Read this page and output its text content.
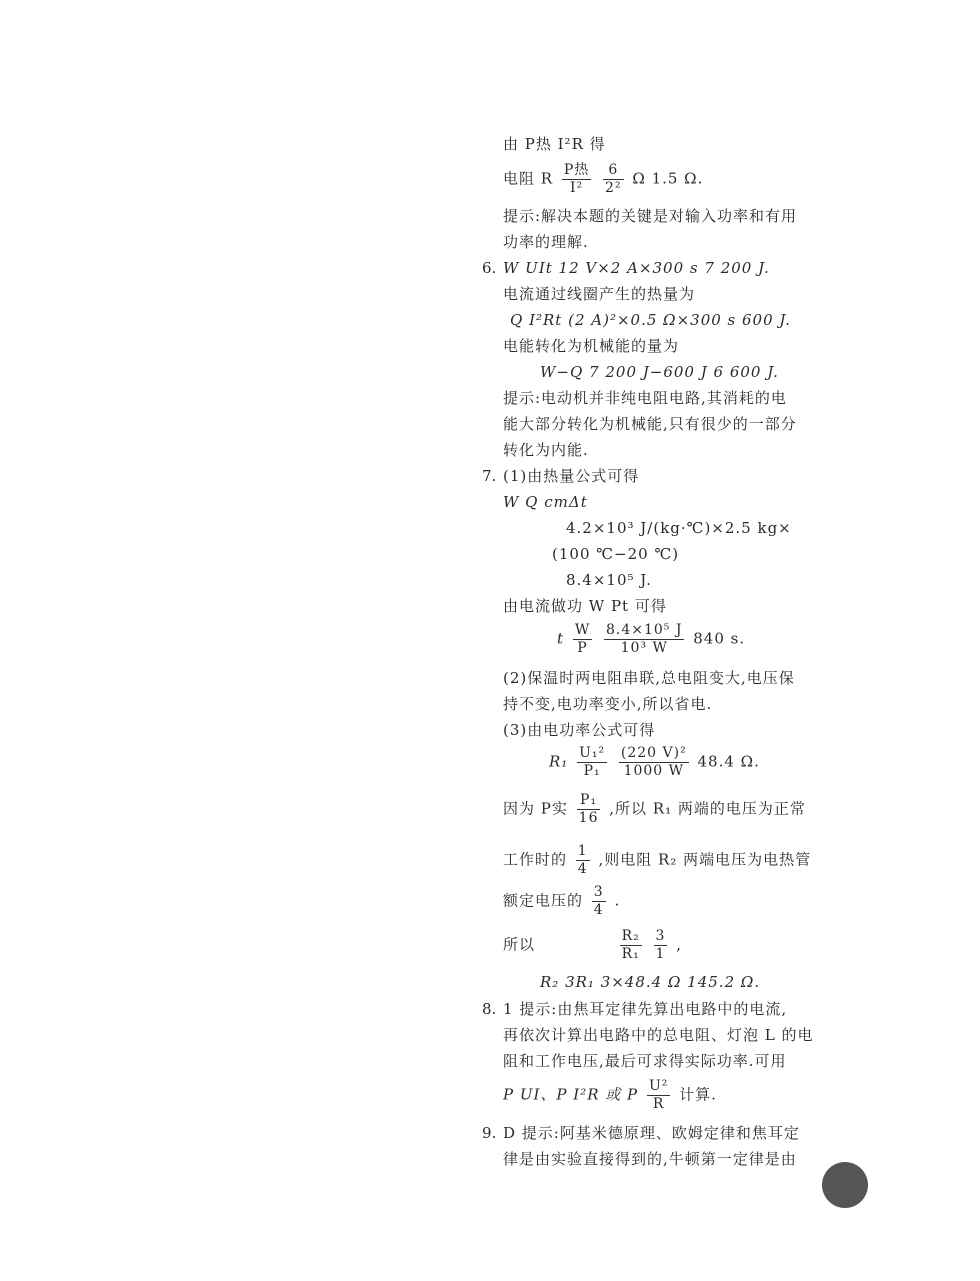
由 P热 I²R 得
电阻 R $\frac{\text{P热}}{\text{I²}}$
$\frac{6}{\text{2²}}$ Ω 1.5 Ω.
提示:解决本题的关键是对输入功率和有用
功率的理解.
6. W UIt 12 V×2 A×300 s 7 200 J.
电流通过线圈产生的热量为
Q I²Rt (2 A)²×0.5 Ω×300 s 600 J.
电能转化为机械能的量为
W−Q 7 200 J−600 J 6 600 J.
提示:电动机并非纯电阻电路,其消耗的电
能大部分转化为机械能,只有很少的一部分
转化为内能.
7. (1)由热量公式可得
W Q cmΔt
4.2×10³ J/(kg·℃)×2.5 kg×
(100 ℃−20 ℃)
8.4×10⁵ J.
由电流做功 W Pt 可得
t $\frac{W}{P}$
$\frac{\text{8.4×10⁵ J}}{\text{10³ W}} 840$ s.
(2)保温时两电阻串联,总电阻变大,电压保
持不变,电功率变小,所以省电.
(3)由电功率公式可得
$R_1 \frac{\text{U₁²}}{\text{P₁}}$
$\frac{\text{(220 V)²}}{1000 W} 48.4$ Ω.
因为 P实 $\frac{\text{P₁}}{16}$ ,所以 R₁ 两端的电压为正常
工作时的 $\frac{1}{4}$ ,则电阻 R₂ 两端电压为电热管
额定电压的 $\frac{3}{4}$ .
所以	$\frac{\text{R₂}}{\text{R₁}}$
$\frac{3}{1}$ ,
R₂ 3R₁ 3×48.4 Ω 145.2 Ω.
8. 1 提示:由焦耳定律先算出电路中的电流,
再依次计算出电路中的总电阻、灯泡 L 的电
阻和工作电压,最后可求得实际功率.可用
P UI、P I²R 或 P $\frac{\text{U²}}{R}$ 计算.
9. D 提示:阿基米德原理、欧姆定律和焦耳定
律是由实验直接得到的,牛顿第一定律是由
